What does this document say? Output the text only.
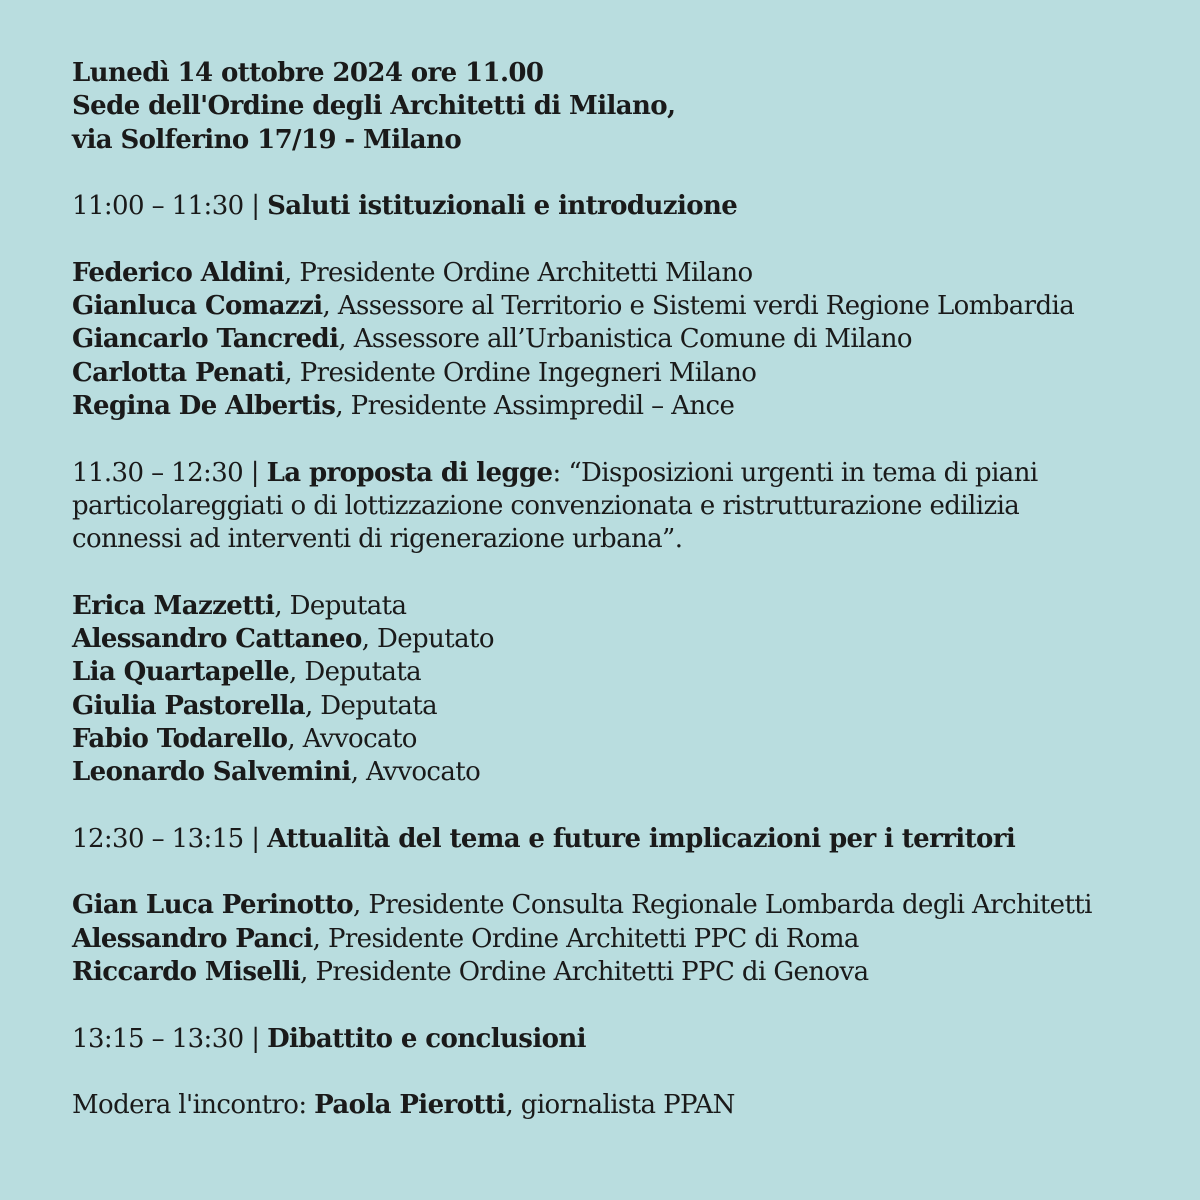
Lunedì 14 ottobre 2024 ore 11.00
Sede dell'Ordine degli Architetti di Milano,
via Solferino 17/19 - Milano
11:00 – 11:30 | Saluti istituzionali e introduzione
Federico Aldini, Presidente Ordine Architetti Milano
Gianluca Comazzi, Assessore al Territorio e Sistemi verdi Regione Lombardia
Giancarlo Tancredi, Assessore all’Urbanistica Comune di Milano
Carlotta Penati, Presidente Ordine Ingegneri Milano
Regina De Albertis, Presidente Assimpredil – Ance
11.30 – 12:30 | La proposta di legge: “Disposizioni urgenti in tema di piani
particolareggiati o di lottizzazione convenzionata e ristrutturazione edilizia
connessi ad interventi di rigenerazione urbana”.
Erica Mazzetti, Deputata
Alessandro Cattaneo, Deputato
Lia Quartapelle, Deputata
Giulia Pastorella, Deputata
Fabio Todarello, Avvocato
Leonardo Salvemini, Avvocato
12:30 – 13:15 | Attualità del tema e future implicazioni per i territori
Gian Luca Perinotto, Presidente Consulta Regionale Lombarda degli Architetti
Alessandro Panci, Presidente Ordine Architetti PPC di Roma
Riccardo Miselli, Presidente Ordine Architetti PPC di Genova
13:15 – 13:30 | Dibattito e conclusioni
Modera l'incontro: Paola Pierotti, giornalista PPAN
